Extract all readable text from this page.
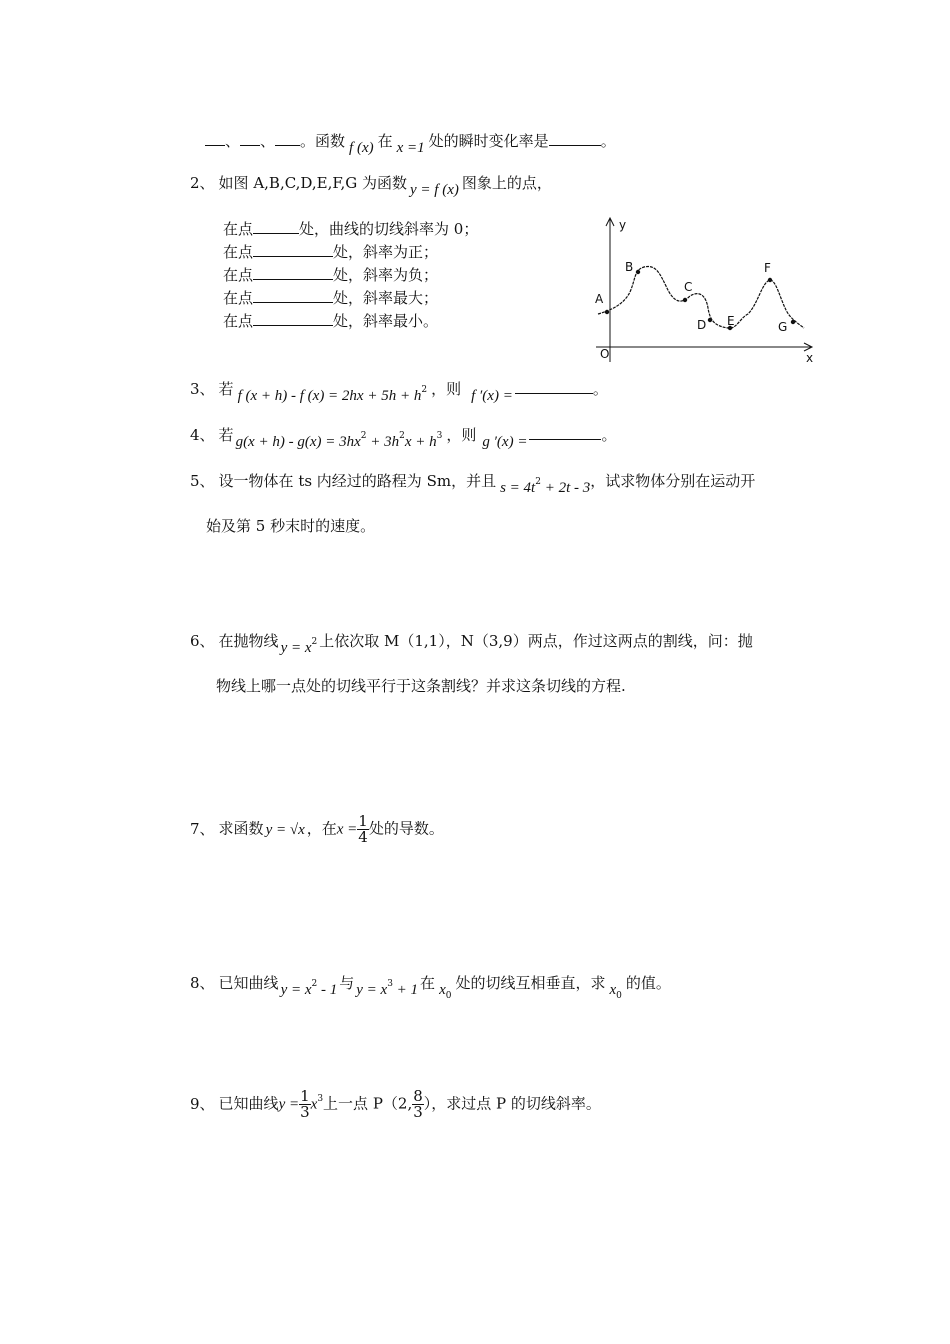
、 、 。函数 f (x) 在 x =1 处的瞬时变化率是	。
2、 如图 A,B,C,D,E,F,G 为函数 y = f (x) 图象上的点，
在点	处，曲线的切线斜率为 0；
在点	处，斜率为正；
在点	处，斜率为负；
在点	处，斜率最大；
在点	处，斜率最小。
y
x
O
A
B
C
D E
F
G
3、 若 f (x + h) - f $(x) = 2hx + 5h + h^2$ ，则 f ′(x) =	。
4、 若 $g(x + h) - g(x) = 3hx^2 + 3h^2x + h^3$ ，则 g ′(x) =	。
5、 设一物体在 ts 内经过的路程为 Sm，并且 $s = 4t^2 + 2t - 3$，试求物体分别在运动开
始及第 5 秒末时的速度。
6、 在抛物线 $y = x^2$ 上依次取 M（1,1），N（3,9）两点，作过这两点的割线，问：抛
物线上哪一点处的切线平行于这条割线？并求这条切线的方程.
7、 求函数 y = √x ，在$x = \frac{1}{4}$ 处的导数。
8、 已知曲线 $y = x^2 - 1$ 与 $y = x^3 + 1$ 在 $x_0$处的切线互相垂直，求 $x_0$的值。
9、 已知曲线$y = \frac{1}{3} x^3$上一点 P（2, $\frac{8}{3}$ ），求过点 P 的切线斜率。
